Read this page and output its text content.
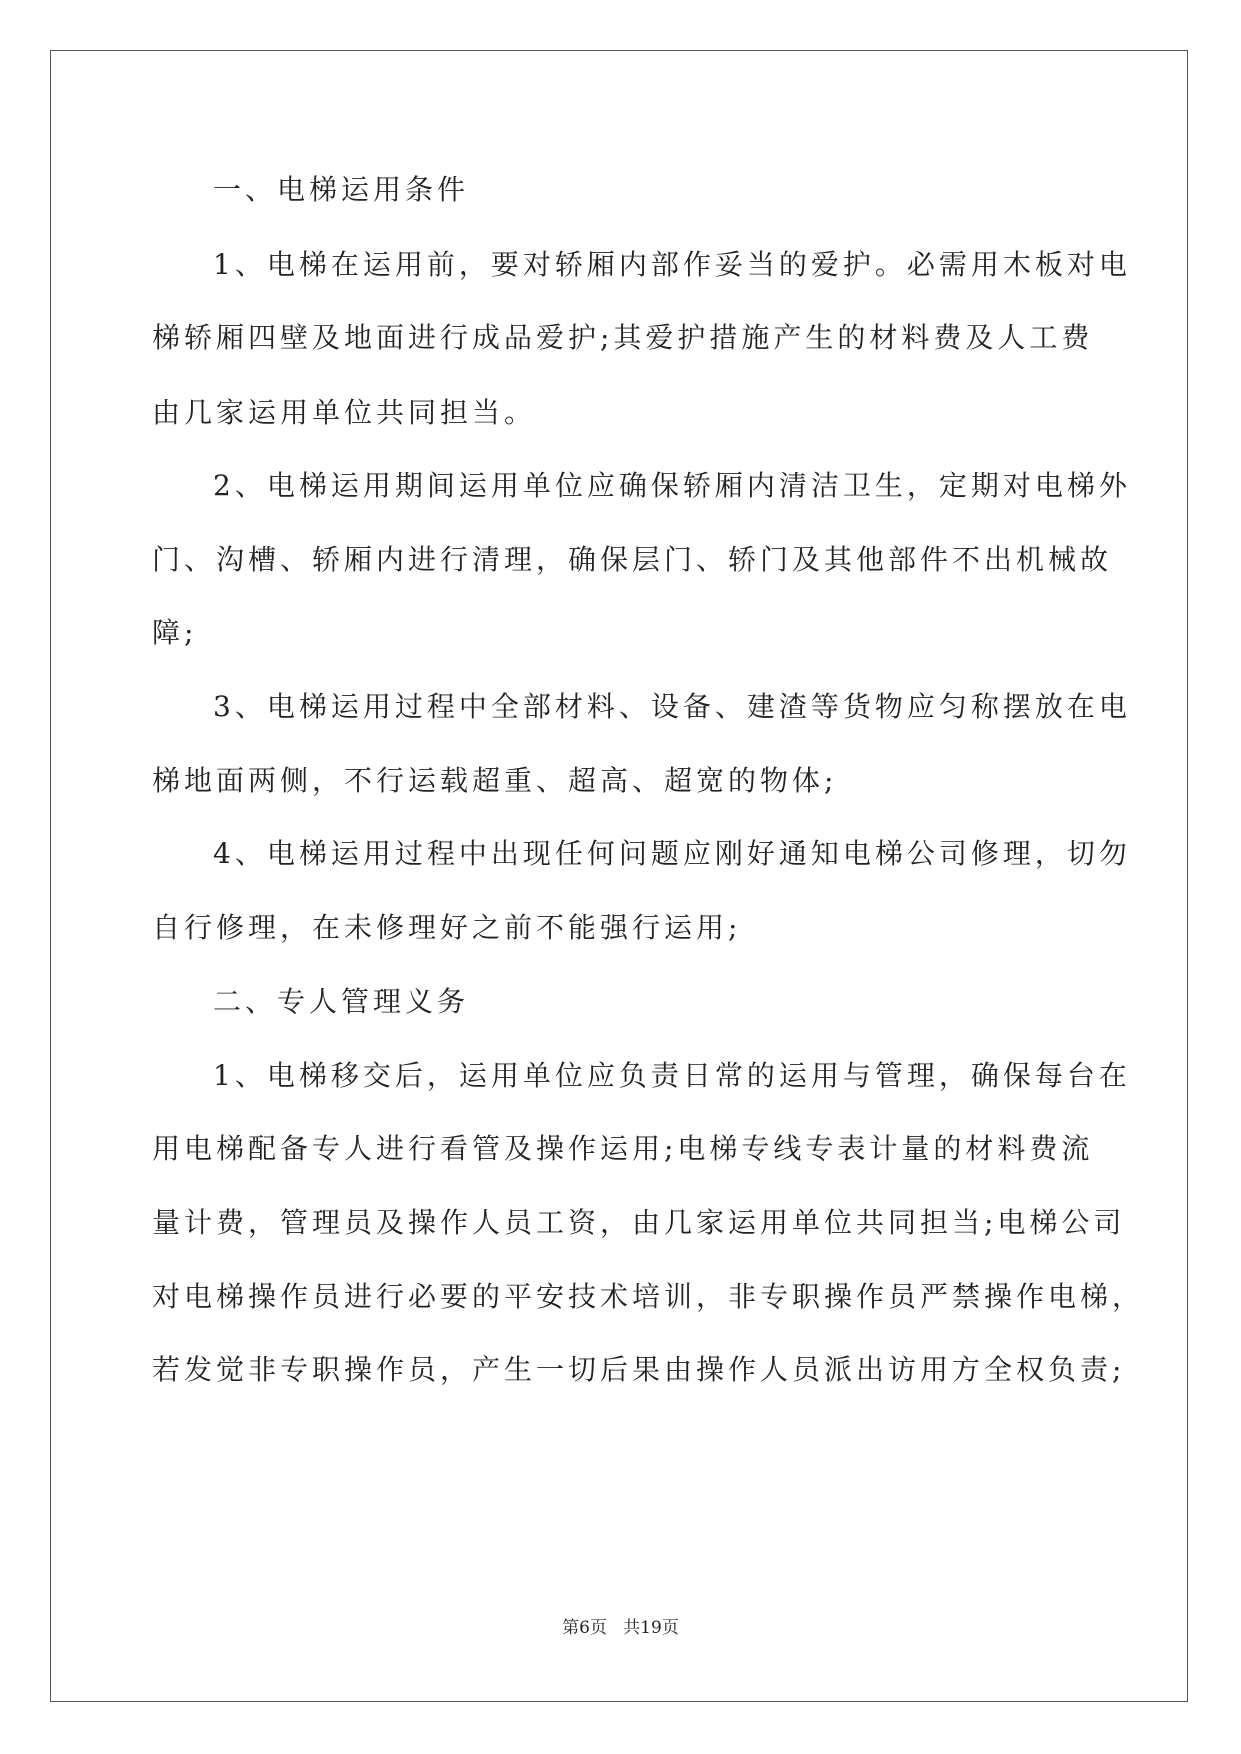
一、电梯运用条件
1、电梯在运用前，要对轿厢内部作妥当的爱护。必需用木板对电
梯轿厢四壁及地面进行成品爱护;其爱护措施产生的材料费及人工费
由几家运用单位共同担当。
2、电梯运用期间运用单位应确保轿厢内清洁卫生，定期对电梯外
门、沟槽、轿厢内进行清理，确保层门、轿门及其他部件不出机械故
障;
3、电梯运用过程中全部材料、设备、建渣等货物应匀称摆放在电
梯地面两侧，不行运载超重、超高、超宽的物体;
4、电梯运用过程中出现任何问题应刚好通知电梯公司修理，切勿
自行修理，在未修理好之前不能强行运用;
二、专人管理义务
1、电梯移交后，运用单位应负责日常的运用与管理，确保每台在
用电梯配备专人进行看管及操作运用;电梯专线专表计量的材料费流
量计费，管理员及操作人员工资，由几家运用单位共同担当;电梯公司
对电梯操作员进行必要的平安技术培训，非专职操作员严禁操作电梯，
若发觉非专职操作员，产生一切后果由操作人员派出访用方全权负责;
第6页   共19页
